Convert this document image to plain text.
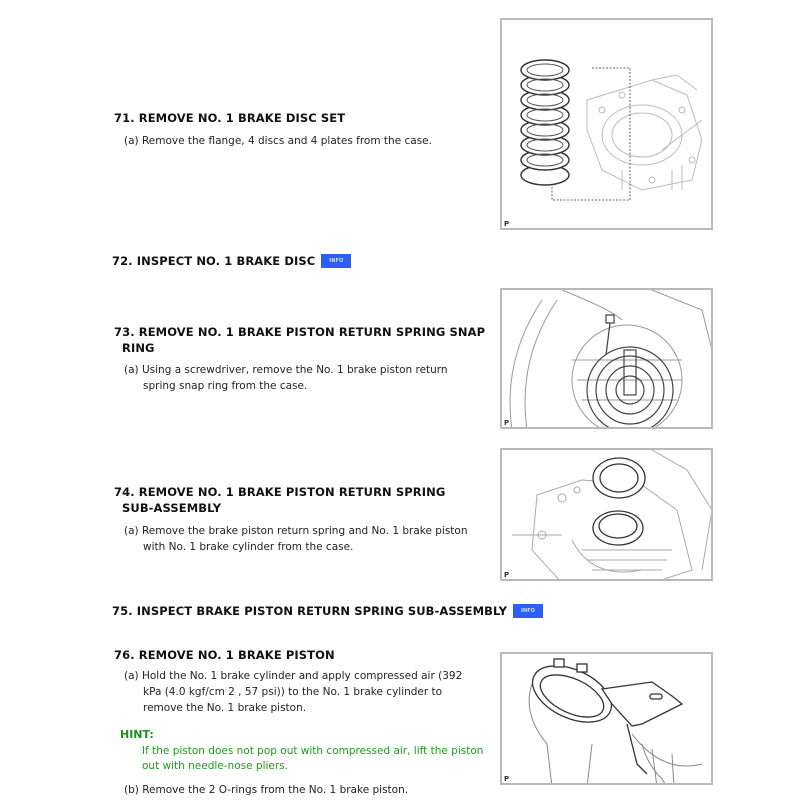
71. REMOVE NO. 1 BRAKE DISC SET
(a) Remove the flange, 4 discs and 4 plates from the case.
P
72. INSPECT NO. 1 BRAKE DISC	INFO
73. REMOVE NO. 1 BRAKE PISTON RETURN SPRING SNAP
RING
(a) Using a screwdriver, remove the No. 1 brake piston return
spring snap ring from the case.
P
74. REMOVE NO. 1 BRAKE PISTON RETURN SPRING
SUB-ASSEMBLY
(a) Remove the brake piston return spring and No. 1 brake piston
with No. 1 brake cylinder from the case.
P
75. INSPECT BRAKE PISTON RETURN SPRING SUB-ASSEMBLY	INFO
76. REMOVE NO. 1 BRAKE PISTON
(a) Hold the No. 1 brake cylinder and apply compressed air (392
kPa (4.0 kgf/cm 2 , 57 psi)) to the No. 1 brake cylinder to
remove the No. 1 brake piston.
HINT:
If the piston does not pop out with compressed air, lift the piston
out with needle-nose pliers.
(b) Remove the 2 O-rings from the No. 1 brake piston.
P
